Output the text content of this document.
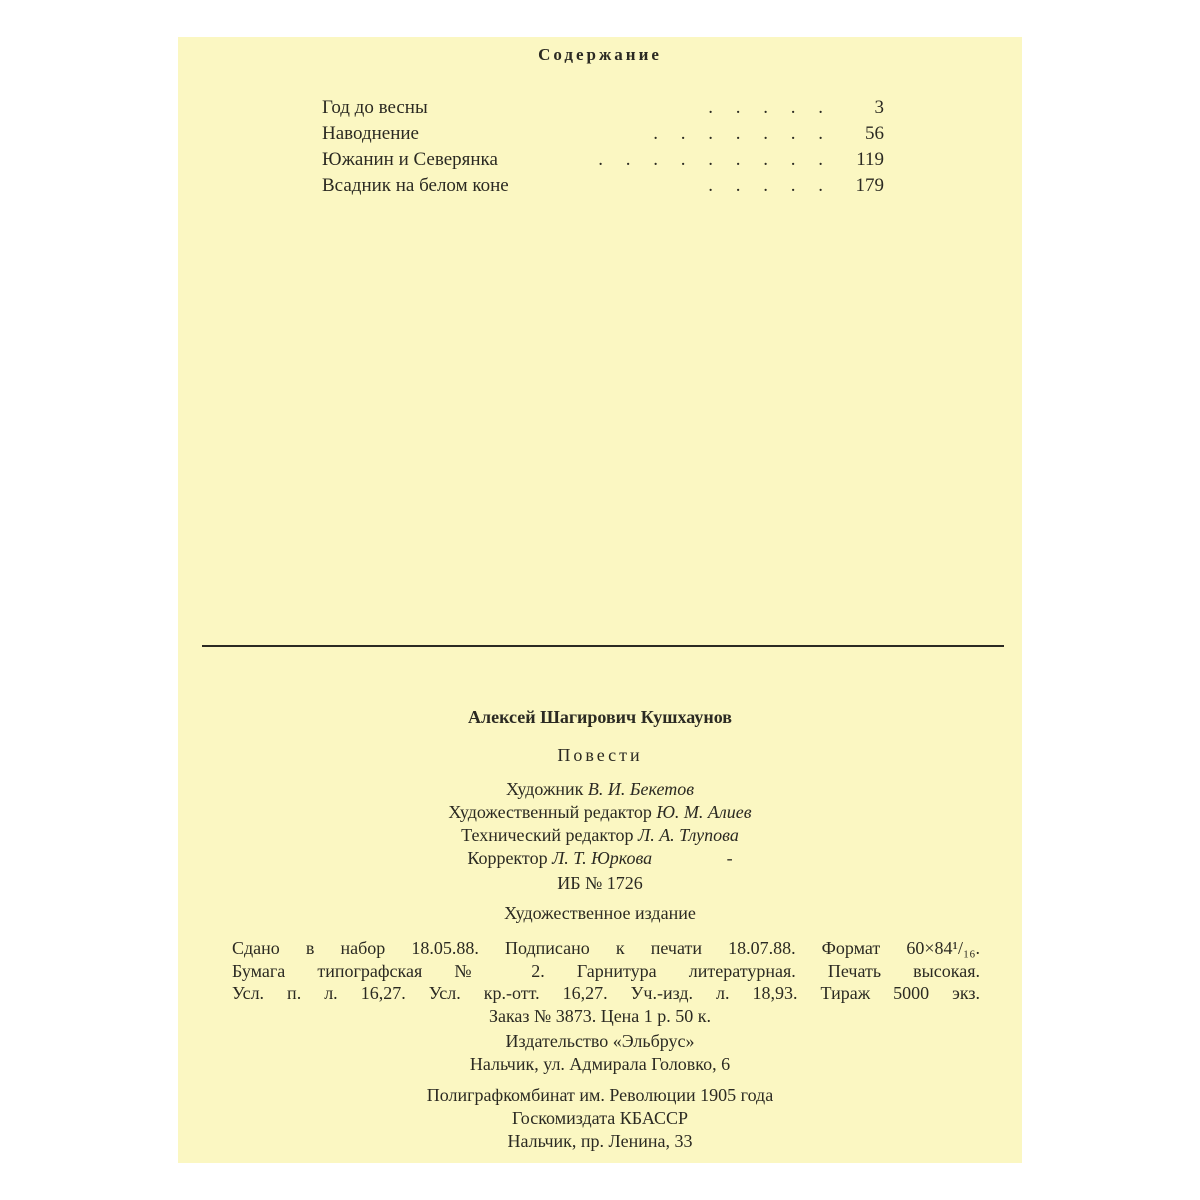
Содержание
Год до весны	. . . . .	3
Наводнение	. . . . . . .	56
Южанин и Северянка	. . . . . . . . .	119
Всадник на белом коне	. . . . .	179
Алексей Шагирович Кушхаунов
Повести
Художник В. И. Бекетов
Художественный редактор Ю. М. Алиев
Технический редактор Л. А. Тлупова
Корректор Л. Т. Юркова	-
ИБ № 1726
Художественное издание
Сдано в набор 18.05.88. Подписано к печати 18.07.88. Формат 60×84¹/₁₆.
Бумага типографская № 2. Гарнитура литературная. Печать высокая.
Усл. п. л. 16,27. Усл. кр.-отт. 16,27. Уч.-изд. л. 18,93. Тираж 5000 экз.
Заказ № 3873. Цена 1 р. 50 к.
Издательство «Эльбрус»
Нальчик, ул. Адмирала Головко, 6
Полиграфкомбинат им. Революции 1905 года
Госкомиздата КБАССР
Нальчик, пр. Ленина, 33
